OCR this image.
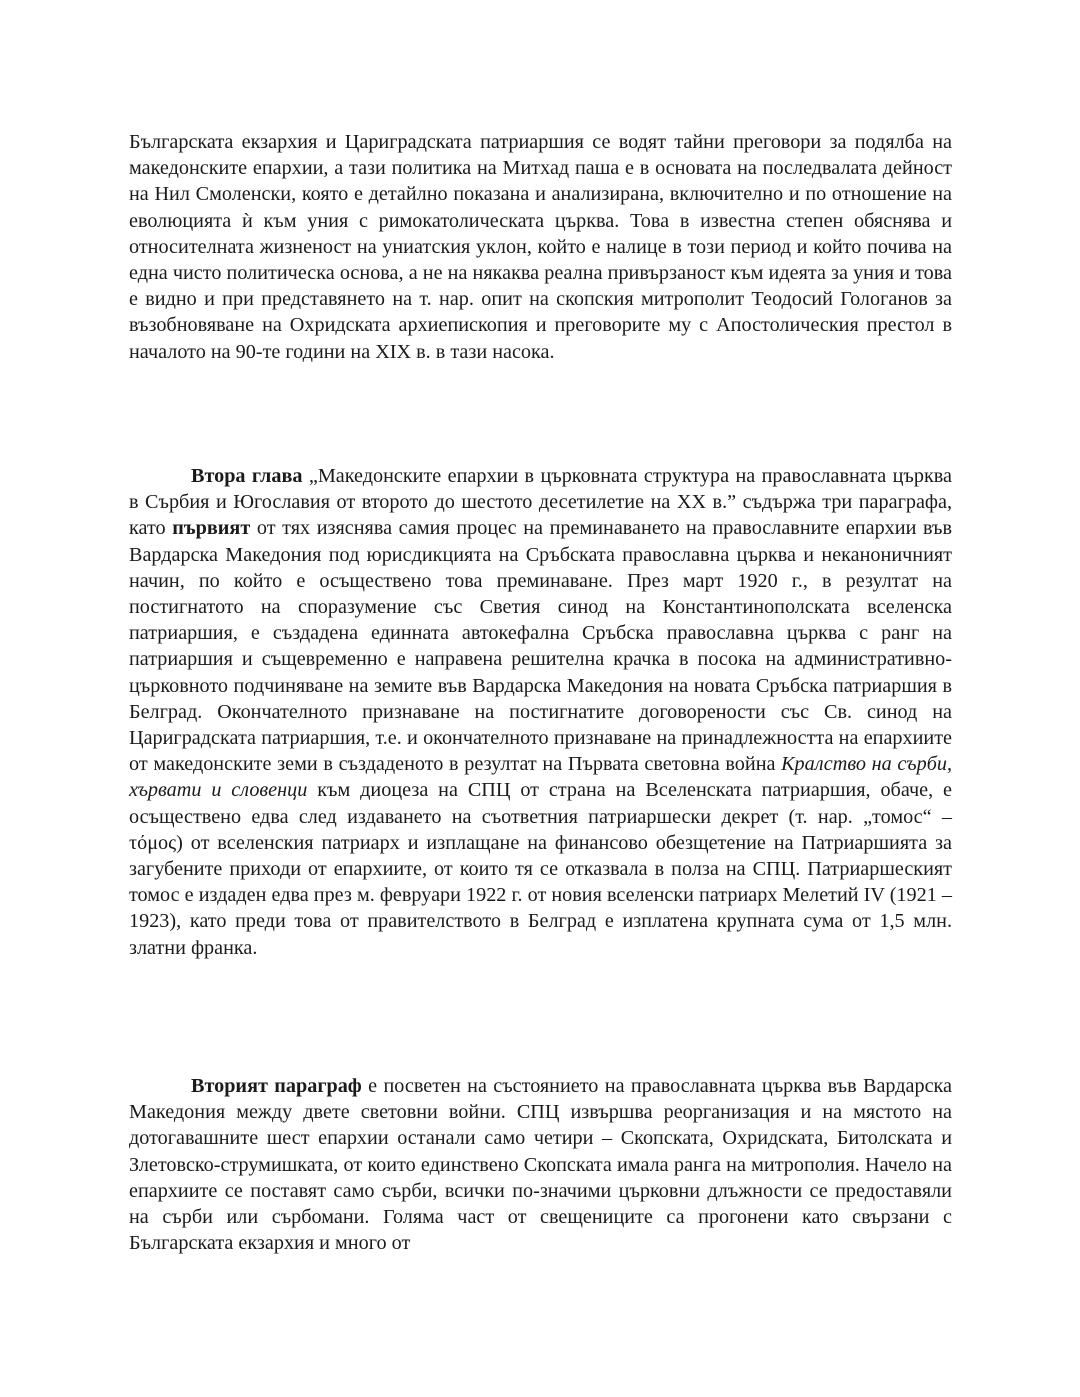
Българската екзархия и Цариградската патриаршия се водят тайни преговори за подялба на македонските епархии, а тази политика на Митхад паша е в основата на последвалата дейност на Нил Смоленски, която е детайлно показана и анализирана, включително и по отношение на еволюцията ѝ към уния с римокатолическата църква. Това в известна степен обяснява и относителната жизненост на униатския уклон, който е налице в този период и който почива на една чисто политическа основа, а не на някаква реална привързаност към идеята за уния и това е видно и при представянето на т. нар. опит на скопския митрополит Теодосий Гологанов за възобновяване на Охридската архиепископия и преговорите му с Апостолическия престол в началото на 90-те години на XIX в. в тази насока.

Втора глава „Македонските епархии в църковната структура на православната църква в Сърбия и Югославия от второто до шестото десетилетие на XX в.” съдържа три параграфа, като първият от тях изяснява самия процес на преминаването на православните епархии във Вардарска Македония под юрисдикцията на Сръбската православна църква и неканоничният начин, по който е осъществено това преминаване. През март 1920 г., в резултат на постигнатото на споразумение със Светия синод на Константинополската вселенска патриаршия, е създадена единната автокефална Сръбска православна църква с ранг на патриаршия и същевременно е направена решителна крачка в посока на административно-църковното подчиняване на земите във Вардарска Македония на новата Сръбска патриаршия в Белград. Окончателното признаване на постигнатите договорености със Св. синод на Цариградската патриаршия, т.е. и окончателното признаване на принадлежността на епархиите от македонските земи в създаденото в резултат на Първата световна война Кралство на сърби, хървати и словенци към диоцеза на СПЦ от страна на Вселенската патриаршия, обаче, е осъществено едва след издаването на съответния патриаршески декрет (т. нар. „томос“ – τόμος) от вселенския патриарх и изплащане на финансово обезщетение на Патриаршията за загубените приходи от епархиите, от които тя се отказвала в полза на СПЦ. Патриаршеският томос е издаден едва през м. февруари 1922 г. от новия вселенски патриарх Мелетий IV (1921 – 1923), като преди това от правителството в Белград е изплатена крупната сума от 1,5 млн. златни франка.

Вторият параграф е посветен на състоянието на православната църква във Вардарска Македония между двете световни войни. СПЦ извършва реорганизация и на мястото на дотогавашните шест епархии останали само четири – Скопската, Охридската, Битолската и Злетовско-струмишката, от които единствено Скопската имала ранга на митрополия. Начело на епархиите се поставят само сърби, всички по-значими църковни длъжности се предоставяли на сърби или сърбомани. Голяма част от свещениците са прогонени като свързани с Българската екзархия и много от
